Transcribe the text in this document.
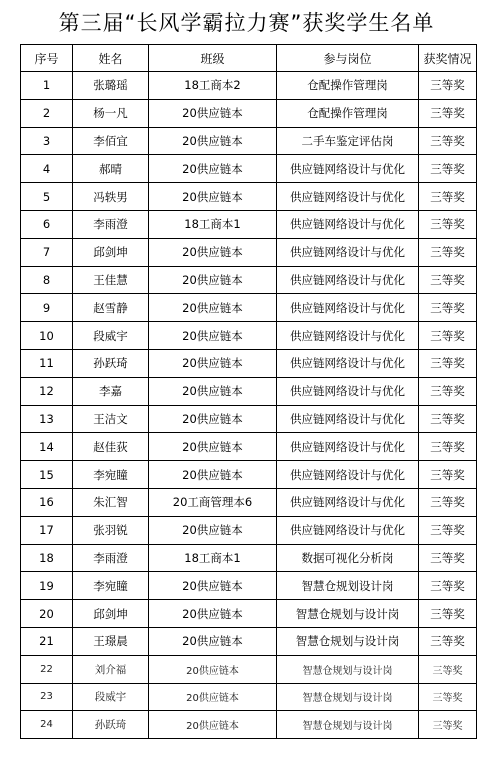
第三届“长风学霸拉力赛”获奖学生名单
序号	姓名	班级	参与岗位	获奖情况
1	张璐瑶	18工商本2	仓配操作管理岗	三等奖
2	杨一凡	20供应链本	仓配操作管理岗	三等奖
3	李佰宜	20供应链本	二手车鉴定评估岗	三等奖
4	郝晴	20供应链本	供应链网络设计与优化	三等奖
5	冯轶男	20供应链本	供应链网络设计与优化	三等奖
6	李雨澄	18工商本1	供应链网络设计与优化	三等奖
7	邱剑坤	20供应链本	供应链网络设计与优化	三等奖
8	王佳慧	20供应链本	供应链网络设计与优化	三等奖
9	赵雪静	20供应链本	供应链网络设计与优化	三等奖
10	段威宇	20供应链本	供应链网络设计与优化	三等奖
11	孙跃琦	20供应链本	供应链网络设计与优化	三等奖
12	李嘉	20供应链本	供应链网络设计与优化	三等奖
13	王洁文	20供应链本	供应链网络设计与优化	三等奖
14	赵佳荻	20供应链本	供应链网络设计与优化	三等奖
15	李宛瞳	20供应链本	供应链网络设计与优化	三等奖
16	朱汇智	20工商管理本6	供应链网络设计与优化	三等奖
17	张羽锐	20供应链本	供应链网络设计与优化	三等奖
18	李雨澄	18工商本1	数据可视化分析岗	三等奖
19	李宛瞳	20供应链本	智慧仓规划设计岗	三等奖
20	邱剑坤	20供应链本	智慧仓规划与设计岗	三等奖
21	王璟晨	20供应链本	智慧仓规划与设计岗	三等奖
22	刘介福	20供应链本	智慧仓规划与设计岗	三等奖
23	段威宇	20供应链本	智慧仓规划与设计岗	三等奖
24	孙跃琦	20供应链本	智慧仓规划与设计岗	三等奖
